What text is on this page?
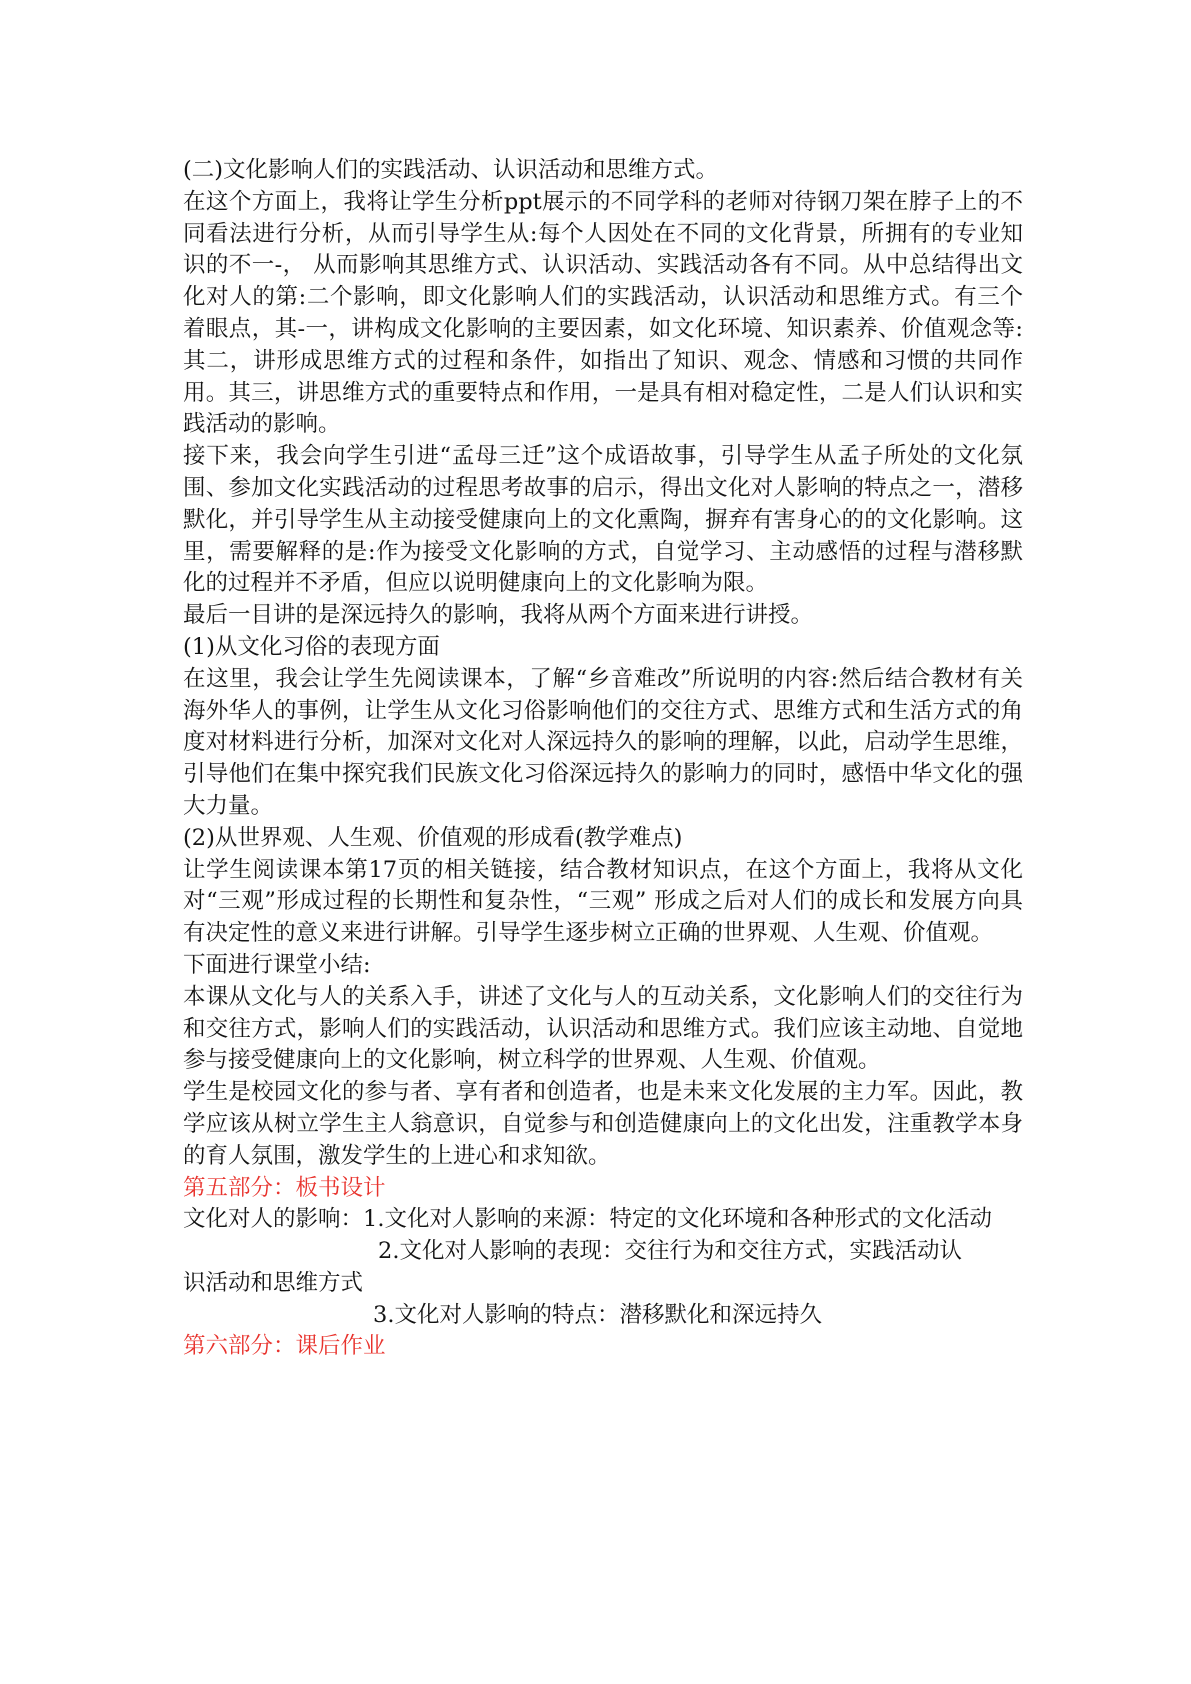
(二)文化影响人们的实践活动、认识活动和思维方式。

在这个方面上，我将让学生分析ppt展示的不同学科的老师对待钢刀架在脖子上的不同看法进行分析，从而引导学生从:每个人因处在不同的文化背景，所拥有的专业知识的不一-， 从而影响其思维方式、认识活动、实践活动各有不同。从中总结得出文化对人的第:二个影响，即文化影响人们的实践活动，认识活动和思维方式。有三个着眼点，其-一，讲构成文化影响的主要因素，如文化环境、知识素养、价值观念等:其二，讲形成思维方式的过程和条件，如指出了知识、观念、情感和习惯的共同作用。其三，讲思维方式的重要特点和作用，一是具有相对稳定性，二是人们认识和实践活动的影响。

接下来，我会向学生引进“孟母三迁”这个成语故事，引导学生从孟子所处的文化氛围、参加文化实践活动的过程思考故事的启示，得出文化对人影响的特点之一，潜移默化，并引导学生从主动接受健康向上的文化熏陶，摒弃有害身心的的文化影响。这里，需要解释的是:作为接受文化影响的方式，自觉学习、主动感悟的过程与潜移默化的过程并不矛盾，但应以说明健康向上的文化影响为限。

最后一目讲的是深远持久的影响，我将从两个方面来进行讲授。

(1)从文化习俗的表现方面

在这里，我会让学生先阅读课本，了解“乡音难改”所说明的内容:然后结合教材有关海外华人的事例，让学生从文化习俗影响他们的交往方式、思维方式和生活方式的角度对材料进行分析，加深对文化对人深远持久的影响的理解，以此，启动学生思维，引导他们在集中探究我们民族文化习俗深远持久的影响力的同时，感悟中华文化的强大力量。

(2)从世界观、人生观、价值观的形成看(教学难点)

让学生阅读课本第17页的相关链接，结合教材知识点，在这个方面上，我将从文化对“三观”形成过程的长期性和复杂性，“三观” 形成之后对人们的成长和发展方向具有决定性的意义来进行讲解。引导学生逐步树立正确的世界观、人生观、价值观。

下面进行课堂小结:

本课从文化与人的关系入手，讲述了文化与人的互动关系，文化影响人们的交往行为和交往方式，影响人们的实践活动，认识活动和思维方式。我们应该主动地、自觉地参与接受健康向上的文化影响，树立科学的世界观、人生观、价值观。

学生是校园文化的参与者、享有者和创造者，也是未来文化发展的主力军。因此，教学应该从树立学生主人翁意识，自觉参与和创造健康向上的文化出发，注重教学本身的育人氛围，激发学生的上进心和求知欲。

第五部分：板书设计

文化对人的影响：1.文化对人影响的来源：特定的文化环境和各种形式的文化活动

2.文化对人影响的表现：交往行为和交往方式，实践活动认

识活动和思维方式

3.文化对人影响的特点：潜移默化和深远持久

第六部分：课后作业
